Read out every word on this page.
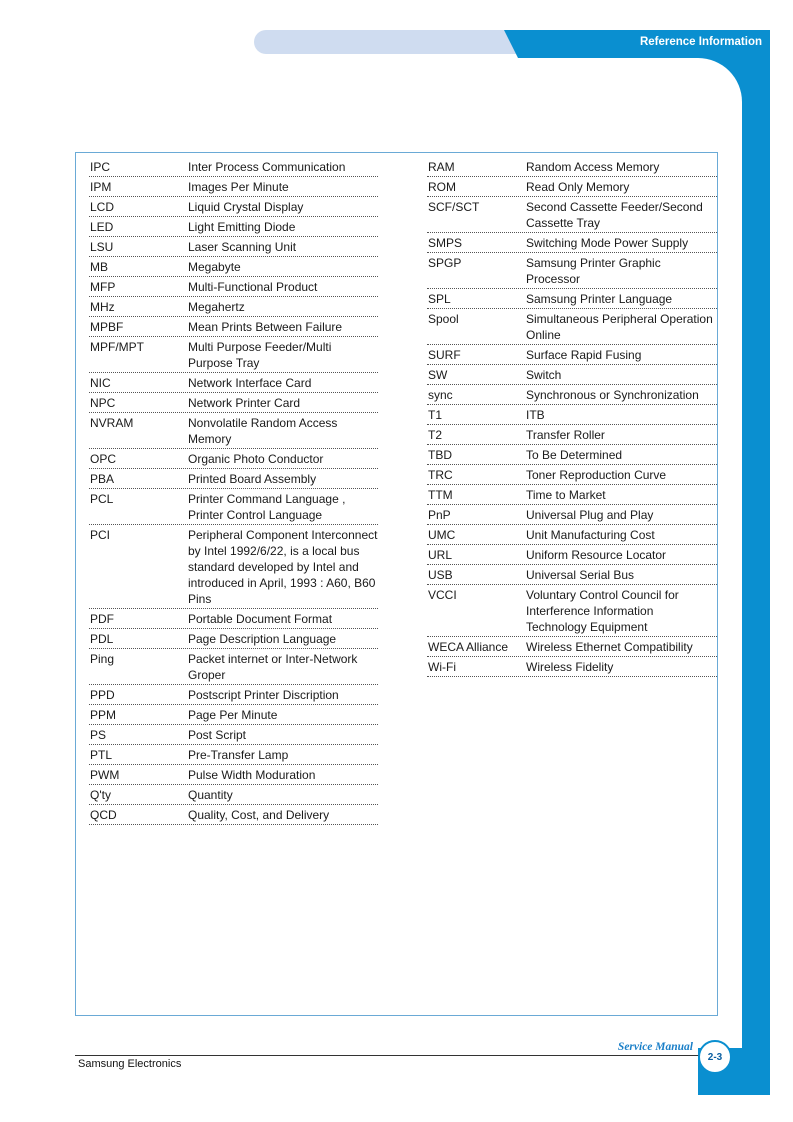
Reference Information
IPC	Inter Process Communication
IPM	Images Per Minute
LCD	Liquid Crystal Display
LED	Light Emitting Diode
LSU	Laser Scanning Unit
MB	Megabyte
MFP	Multi-Functional Product
MHz	Megahertz
MPBF	Mean Prints Between Failure
MPF/MPT	Multi Purpose Feeder/Multi Purpose Tray
NIC	Network Interface Card
NPC	Network Printer Card
NVRAM	Nonvolatile Random Access Memory
OPC	Organic Photo Conductor
PBA	Printed Board Assembly
PCL	Printer Command Language , Printer Control Language
PCI	Peripheral Component Interconnect by Intel 1992/6/22, is a local bus standard developed by Intel and introduced in April, 1993 : A60, B60 Pins
PDF	Portable Document Format
PDL	Page Description Language
Ping	Packet internet or Inter-Network Groper
PPD	Postscript Printer Discription
PPM	Page Per Minute
PS	Post Script
PTL	Pre-Transfer Lamp
PWM	Pulse Width Moduration
Q'ty	Quantity
QCD	Quality, Cost, and Delivery
RAM	Random Access Memory
ROM	Read Only Memory
SCF/SCT	Second Cassette Feeder/Second Cassette Tray
SMPS	Switching Mode Power Supply
SPGP	Samsung Printer Graphic Processor
SPL	Samsung Printer Language
Spool	Simultaneous Peripheral Operation Online
SURF	Surface Rapid Fusing
SW	Switch
sync	Synchronous or Synchronization
T1	ITB
T2	Transfer Roller
TBD	To Be Determined
TRC	Toner Reproduction Curve
TTM	Time to Market
PnP	Universal Plug and Play
UMC	Unit Manufacturing Cost
URL	Uniform Resource Locator
USB	Universal Serial Bus
VCCI	Voluntary Control Council for Interference Information Technology Equipment
WECA Alliance	Wireless Ethernet Compatibility
Wi-Fi	Wireless Fidelity
Service Manual
2-3
Samsung Electronics
